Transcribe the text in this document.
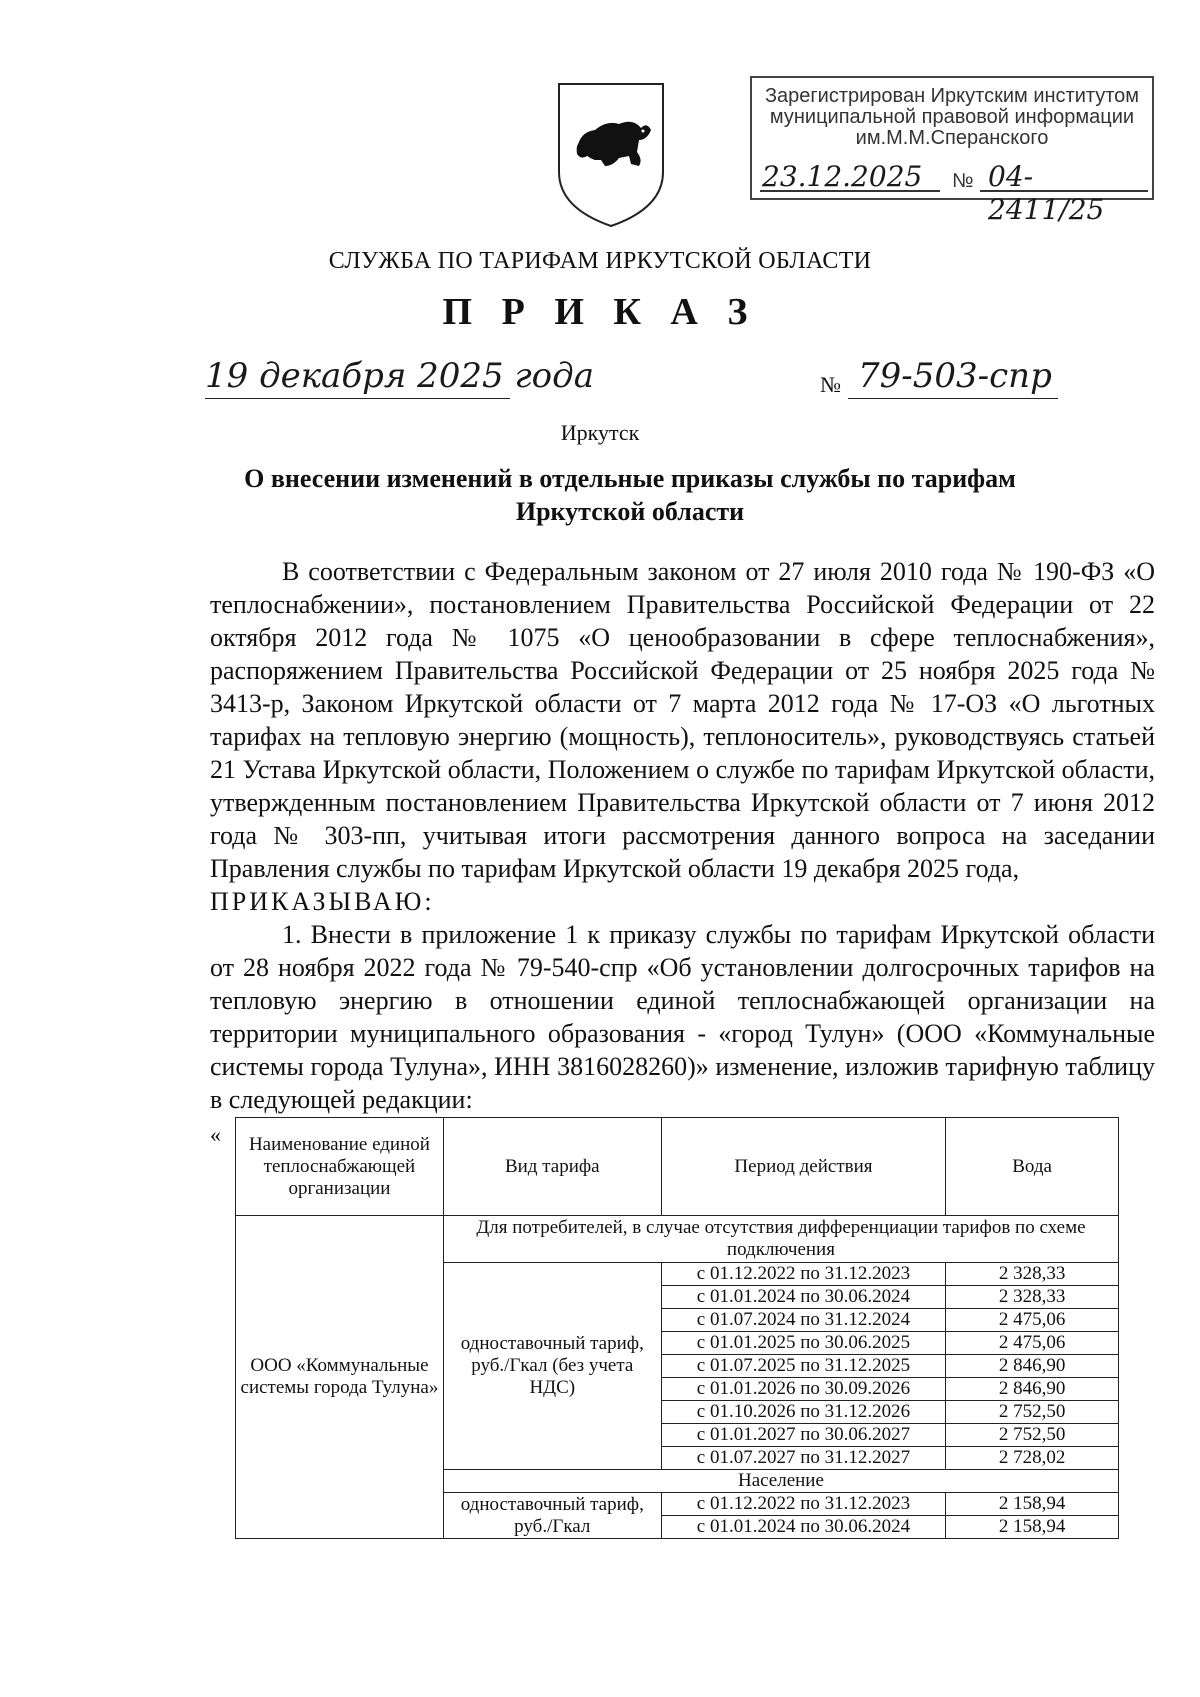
Зарегистрирован Иркутским институтом
муниципальной правовой информации
им.М.М.Сперанского
23.12.2025 № 04-2411/25
СЛУЖБА ПО ТАРИФАМ ИРКУТСКОЙ ОБЛАСТИ
П Р И К А З
19 декабря 2025 года	№ 79-503-спр
Иркутск
О внесении изменений в отдельные приказы службы по тарифам
Иркутской области

В соответствии с Федеральным законом от 27 июля 2010 года № 190-ФЗ «О теплоснабжении», постановлением Правительства Российской Федерации от 22 октября 2012 года № 1075 «О ценообразовании в сфере теплоснабжения», распоряжением Правительства Российской Федерации от 25 ноября 2025 года № 3413-р, Законом Иркутской области от 7 марта 2012 года № 17-ОЗ «О льготных тарифах на тепловую энергию (мощность), теплоноситель», руководствуясь статьей 21 Устава Иркутской области, Положением о службе по тарифам Иркутской области, утвержденным постановлением Правительства Иркутской области от 7 июня 2012 года № 303-пп, учитывая итоги рассмотрения данного вопроса на заседании Правления службы по тарифам Иркутской области 19 декабря 2025 года,

ПРИКАЗЫВАЮ:

1. Внести в приложение 1 к приказу службы по тарифам Иркутской области от 28 ноября 2022 года № 79-540-спр «Об установлении долгосрочных тарифов на тепловую энергию в отношении единой теплоснабжающей организации на территории муниципального образования - «город Тулун» (ООО «Коммунальные системы города Тулуна», ИНН 3816028260)» изменение, изложив тарифную таблицу в следующей редакции:

« Наименование единой теплоснабжающей организации	Вид тарифа	Период действия	Вода
ООО «Коммунальные системы города Тулуна»	Для потребителей, в случае отсутствия дифференциации тарифов по схеме подключения		
	одноставочный тариф, руб./Гкал (без учета НДС)	с 01.12.2022 по 31.12.2023	2 328,33
		с 01.01.2024 по 30.06.2024	2 328,33
		с 01.07.2024 по 31.12.2024	2 475,06
		с 01.01.2025 по 30.06.2025	2 475,06
		с 01.07.2025 по 31.12.2025	2 846,90
		с 01.01.2026 по 30.09.2026	2 846,90
		с 01.10.2026 по 31.12.2026	2 752,50
		с 01.01.2027 по 30.06.2027	2 752,50
		с 01.07.2027 по 31.12.2027	2 728,02
	Население		
	одноставочный тариф, руб./Гкал	с 01.12.2022 по 31.12.2023	2 158,94
		с 01.01.2024 по 30.06.2024	2 158,94
